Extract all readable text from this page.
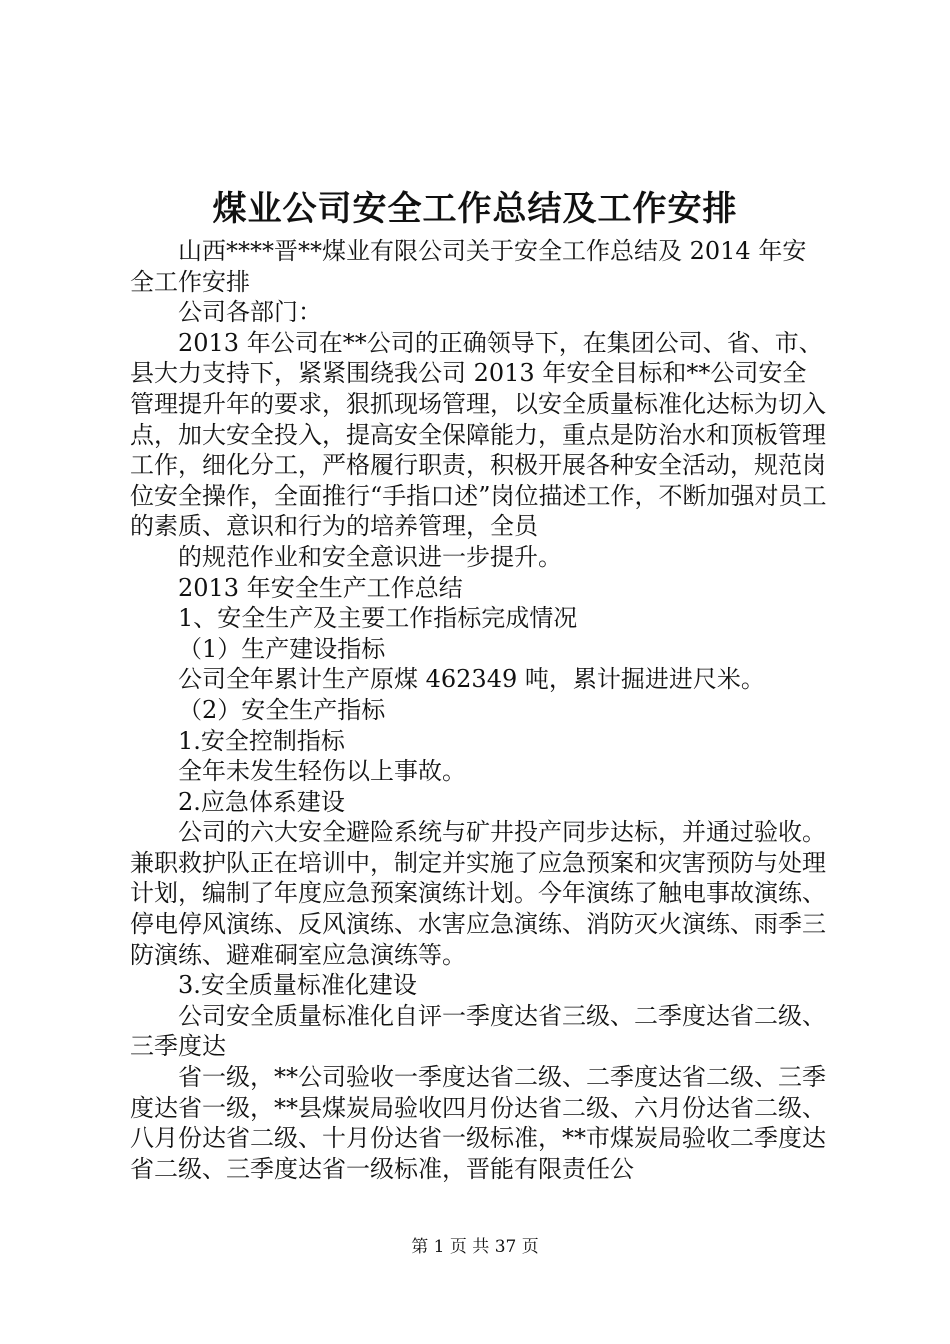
煤业公司安全工作总结及工作安排

山西****晋**煤业有限公司关于安全工作总结及 2014 年安全工作安排

公司各部门：

2013 年公司在**公司的正确领导下，在集团公司、省、市、县大力支持下，紧紧围绕我公司 2013 年安全目标和**公司安全管理提升年的要求，狠抓现场管理，以安全质量标准化达标为切入点，加大安全投入，提高安全保障能力，重点是防治水和顶板管理工作，细化分工，严格履行职责，积极开展各种安全活动，规范岗位安全操作，全面推行“手指口述”岗位描述工作，不断加强对员工的素质、意识和行为的培养管理，全员

的规范作业和安全意识进一步提升。

2013 年安全生产工作总结

1、安全生产及主要工作指标完成情况

（1）生产建设指标

公司全年累计生产原煤 462349 吨，累计掘进进尺米。

（2）安全生产指标

1.安全控制指标

全年未发生轻伤以上事故。

2.应急体系建设

公司的六大安全避险系统与矿井投产同步达标，并通过验收。兼职救护队正在培训中，制定并实施了应急预案和灾害预防与处理计划，编制了年度应急预案演练计划。今年演练了触电事故演练、停电停风演练、反风演练、水害应急演练、消防灭火演练、雨季三防演练、避难硐室应急演练等。

3.安全质量标准化建设

公司安全质量标准化自评一季度达省三级、二季度达省二级、三季度达

省一级，**公司验收一季度达省二级、二季度达省二级、三季度达省一级，**县煤炭局验收四月份达省二级、六月份达省二级、八月份达省二级、十月份达省一级标准，**市煤炭局验收二季度达省二级、三季度达省一级标准，晋能有限责任公

第 1 页 共 37 页
